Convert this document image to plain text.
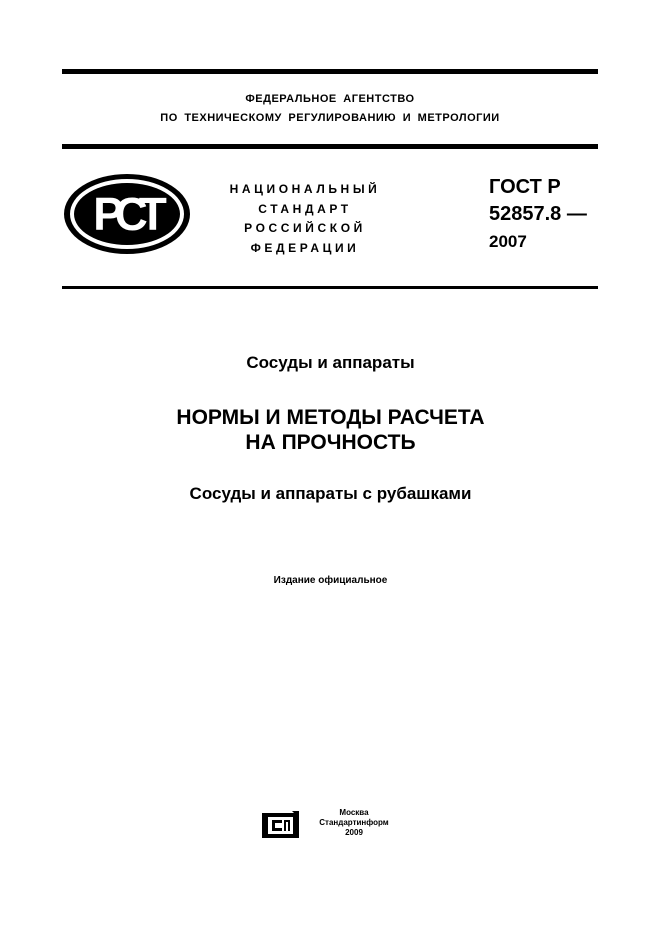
ФЕДЕРАЛЬНОЕ АГЕНТСТВО
ПО ТЕХНИЧЕСКОМУ РЕГУЛИРОВАНИЮ И МЕТРОЛОГИИ
РСТ	НАЦИОНАЛЬНЫЙ
СТАНДАРТ
РОССИЙСКОЙ
ФЕДЕРАЦИИ
ГОСТ Р
52857.8 —
2007
Сосуды и аппараты
НОРМЫ И МЕТОДЫ РАСЧЕТА
НА ПРОЧНОСТЬ
Сосуды и аппараты с рубашками
Издание официальное
Москва
Стандартинформ
2009
